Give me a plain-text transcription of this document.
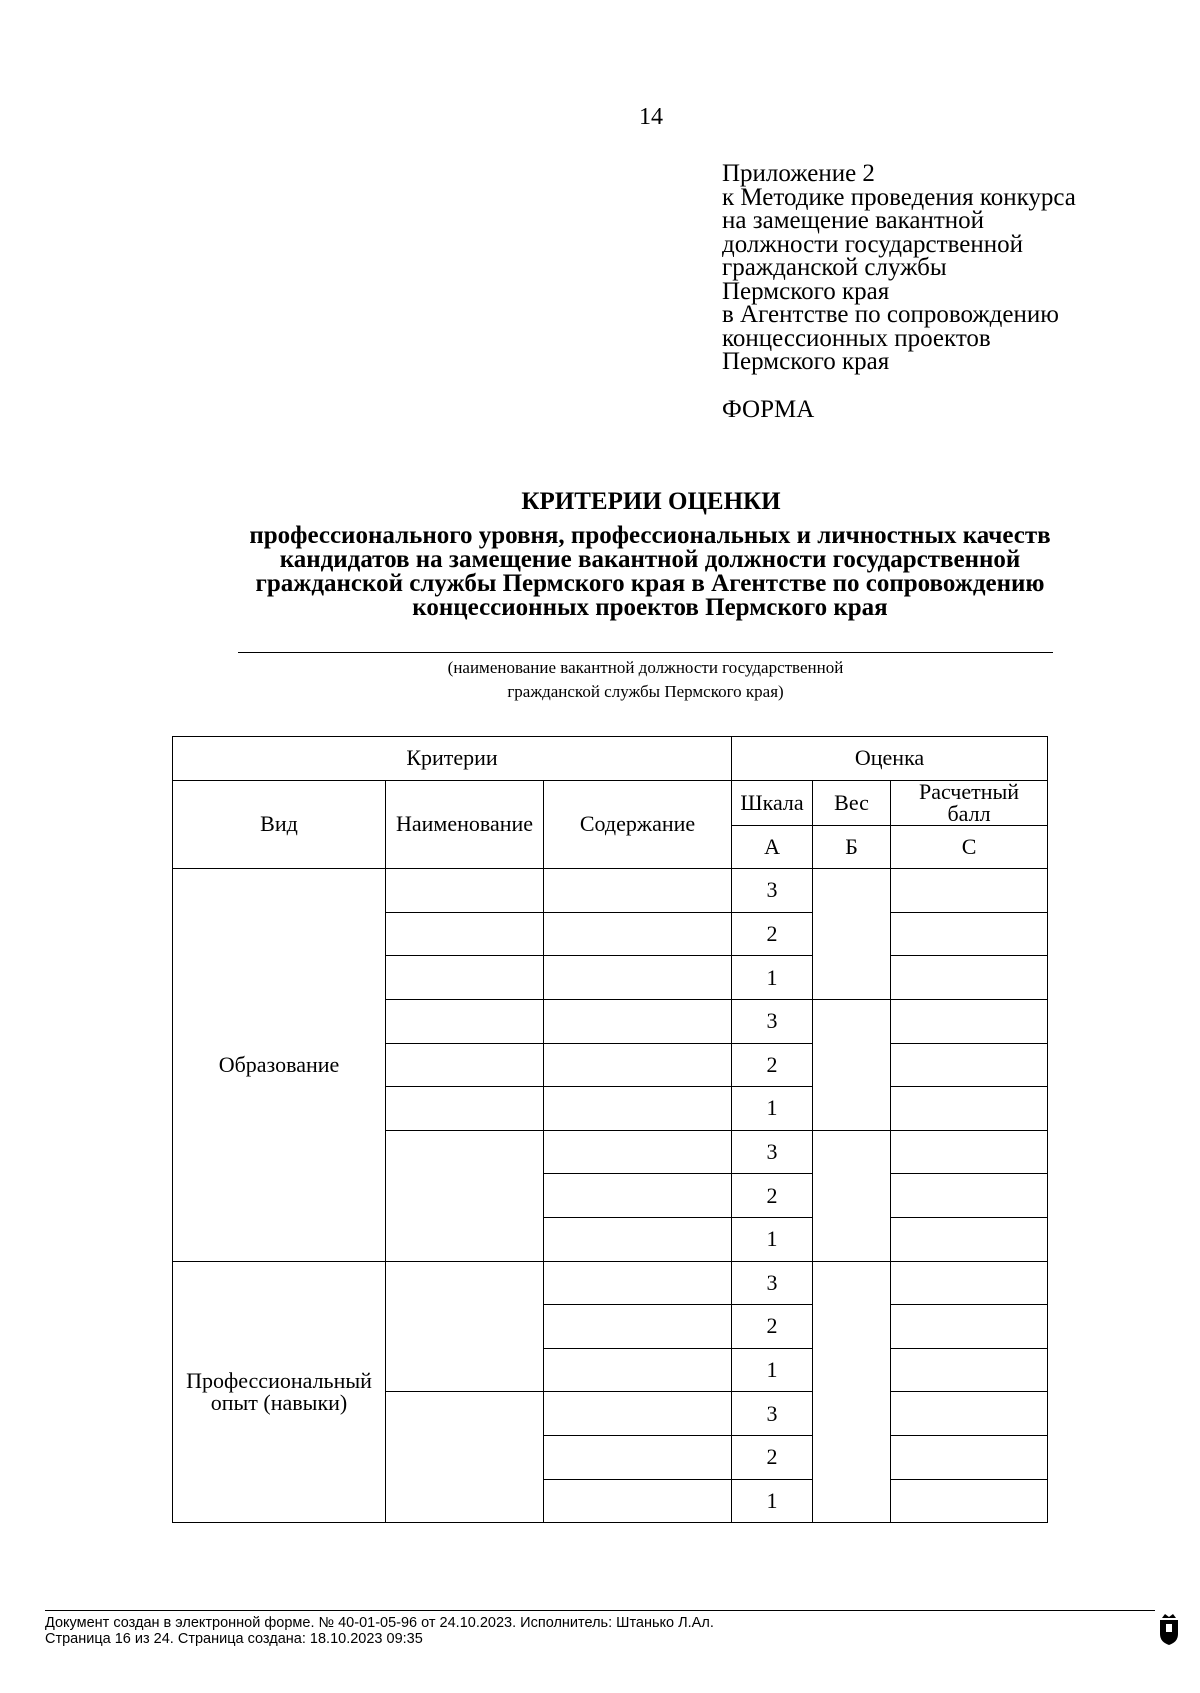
14
Приложение 2
к Методике проведения конкурса
на замещение вакантной
должности государственной
гражданской службы
Пермского края
в Агентстве по сопровождению
концессионных проектов
Пермского края
ФОРМА
КРИТЕРИИ ОЦЕНКИ
профессионального уровня, профессиональных и личностных качеств
кандидатов на замещение вакантной должности государственной
гражданской службы Пермского края в Агентстве по сопровождению
концессионных проектов Пермского края
(наименование вакантной должности государственной
гражданской службы Пермского края)
Критерии			Оценка		
Вид	Наименование	Содержание	Шкала	Вес	Расчетный балл
			A	Б	C
Образование			3		
			2		
			1		
			3		
			2		
			1		
			3		
			2		
			1		
Профессиональный опыт (навыки)			3		
			2		
			1		
			3		
			2		
			1		
Документ создан в электронной форме. № 40-01-05-96 от 24.10.2023. Исполнитель: Штанько Л.Ал.
Страница 16 из 24. Страница создана: 18.10.2023 09:35
